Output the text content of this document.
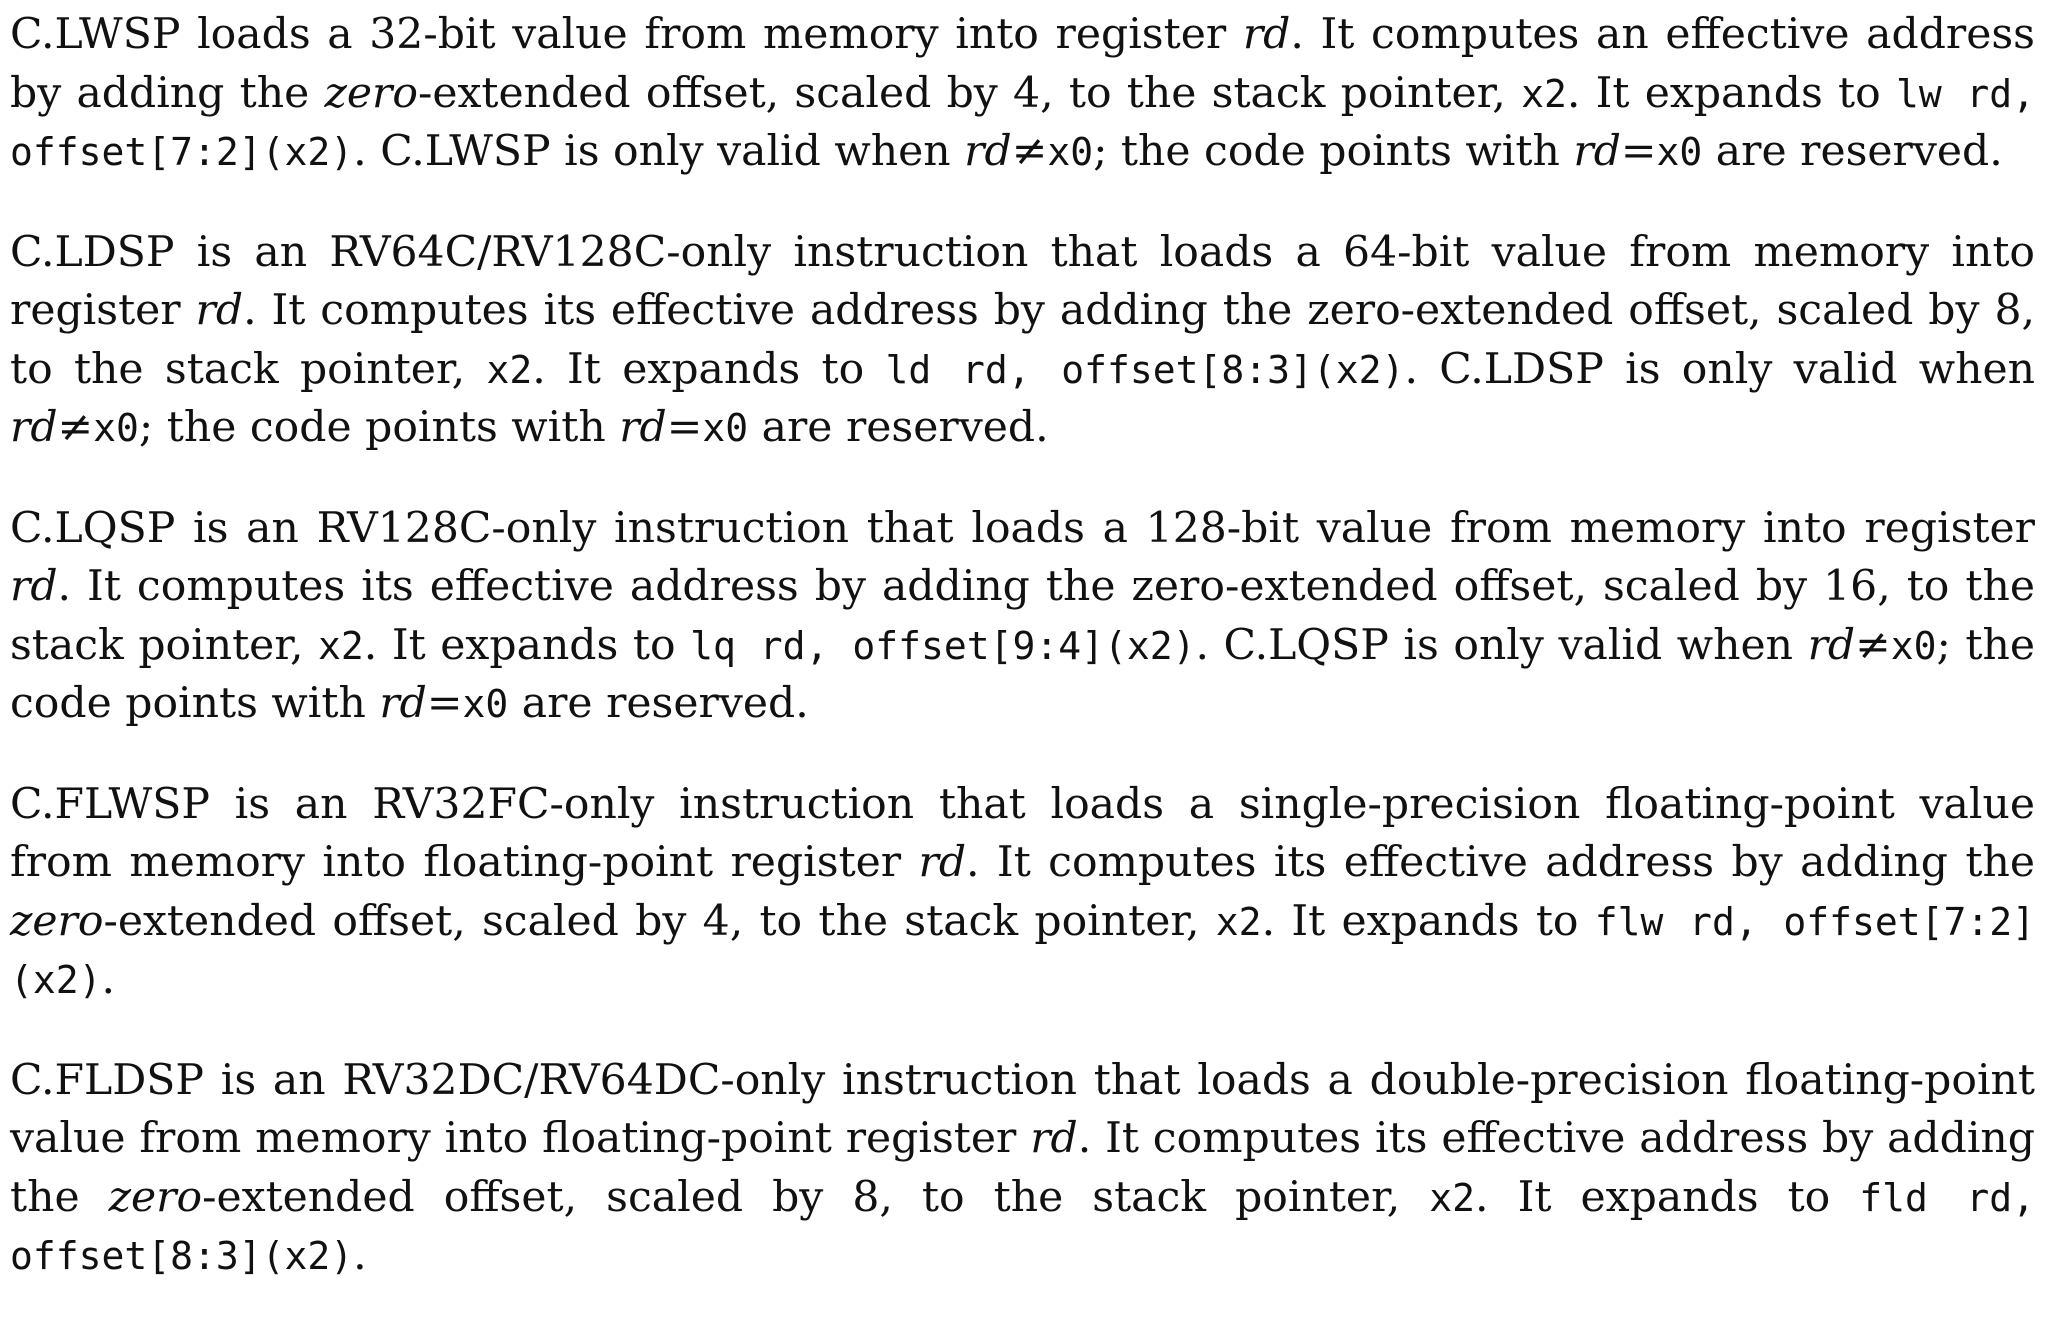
C.LWSP loads a 32-bit value from memory into register rd. It computes an effective address by adding the zero-extended offset, scaled by 4, to the stack pointer, x2. It expands to lw rd, offset[7:2](x2). C.LWSP is only valid when rd≠x0; the code points with rd=x0 are reserved.

C.LDSP is an RV64C/RV128C-only instruction that loads a 64-bit value from memory into register rd. It computes its effective address by adding the zero-extended offset, scaled by 8, to the stack pointer, x2. It expands to ld rd, offset[8:3](x2). C.LDSP is only valid when rd≠x0; the code points with rd=x0 are reserved.

C.LQSP is an RV128C-only instruction that loads a 128-bit value from memory into register rd. It computes its effective address by adding the zero-extended offset, scaled by 16, to the stack pointer, x2. It expands to lq rd, offset[9:4](x2). C.LQSP is only valid when rd≠x0; the code points with rd=x0 are reserved.

C.FLWSP is an RV32FC-only instruction that loads a single-precision floating-point value from memory into floating-point register rd. It computes its effective address by adding the zero-extended offset, scaled by 4, to the stack pointer, x2. It expands to flw rd, offset[7:2](x2).

C.FLDSP is an RV32DC/RV64DC-only instruction that loads a double-precision floating-point value from memory into floating-point register rd. It computes its effective address by adding the zero-extended offset, scaled by 8, to the stack pointer, x2. It expands to fld rd, offset[8:3](x2).
